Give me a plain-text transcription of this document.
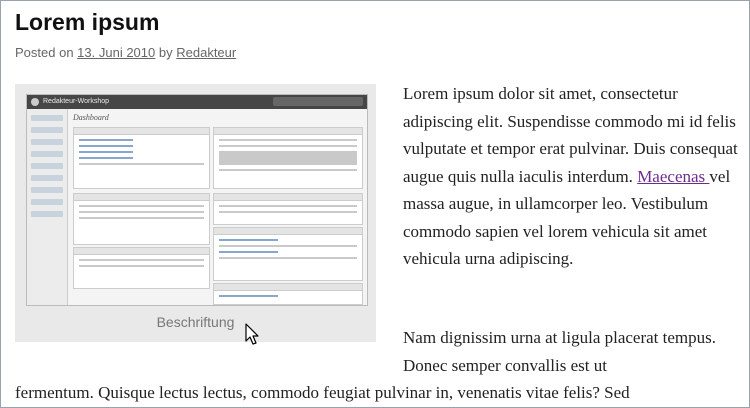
Lorem ipsum
Posted on 13. Juni 2010 by Redakteur
Redakteur-Workshop
Dashboard
Beschriftung
Lorem ipsum dolor sit amet, consectetur adipiscing elit. Suspendisse commodo mi id felis vulputate et tempor erat pulvinar. Duis consequat augue quis nulla iaculis interdum. Maecenas vel massa augue, in ullamcorper leo. Vestibulum commodo sapien vel lorem vehicula sit amet vehicula urna adipiscing.
Nam dignissim urna at ligula placerat tempus. Donec semper convallis est ut
fermentum. Quisque lectus lectus, commodo feugiat pulvinar in, venenatis vitae felis? Sed
